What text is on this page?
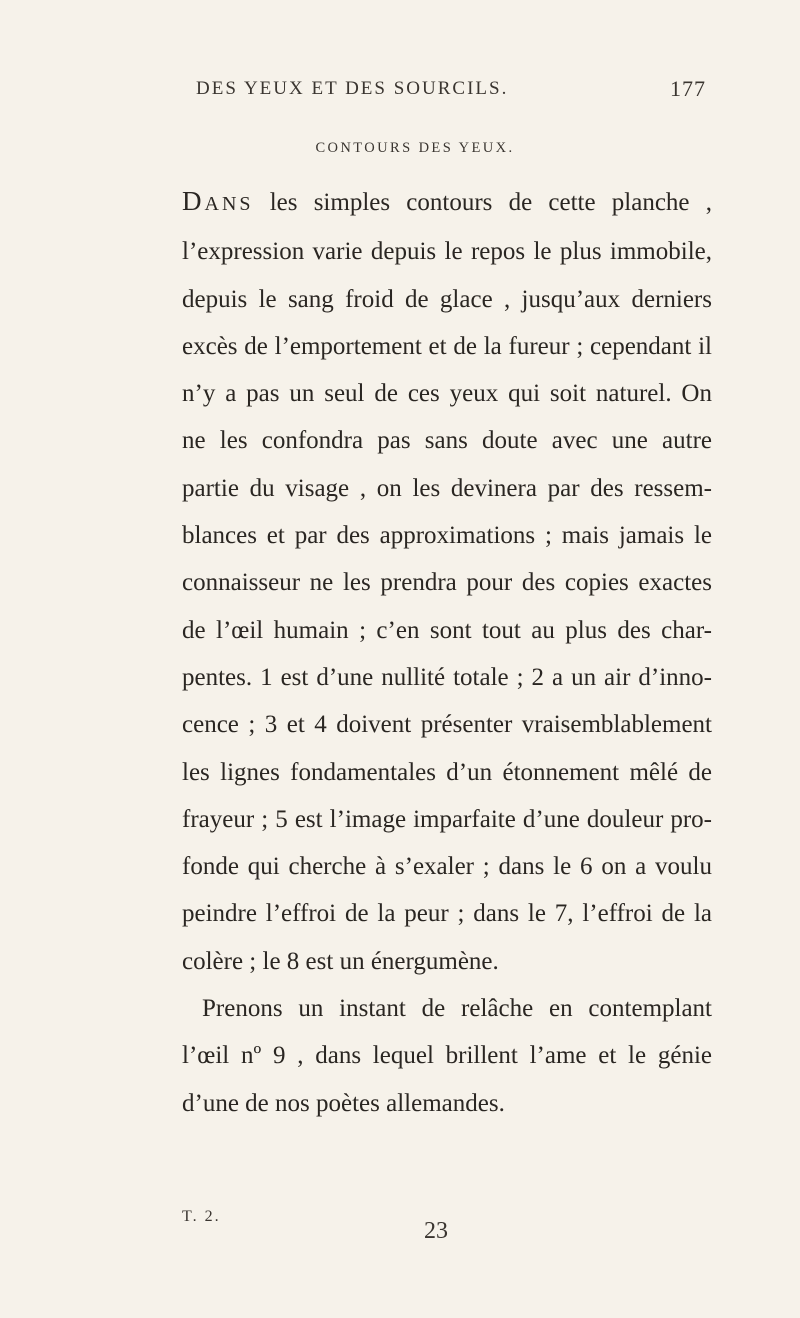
DES YEUX ET DES SOURCILS.	177
CONTOURS DES YEUX.
DANS les simples contours de cette planche ,
l’expression varie depuis le repos le plus immobile,
depuis le sang froid de glace , jusqu’aux derniers
excès de l’emportement et de la fureur ; cependant il
n’y a pas un seul de ces yeux qui soit naturel. On
ne les confondra pas sans doute avec une autre
partie du visage , on les devinera par des ressem-
blances et par des approximations ; mais jamais le
connaisseur ne les prendra pour des copies exactes
de l’œil humain ; c’en sont tout au plus des char-
pentes. 1 est d’une nullité totale ; 2 a un air d’inno-
cence ; 3 et 4 doivent présenter vraisemblablement
les lignes fondamentales d’un étonnement mêlé de
frayeur ; 5 est l’image imparfaite d’une douleur pro-
fonde qui cherche à s’exaler ; dans le 6 on a voulu
peindre l’effroi de la peur ; dans le 7, l’effroi de la
colère ; le 8 est un énergumène.
Prenons un instant de relâche en contemplant
l’œil nº 9 , dans lequel brillent l’ame et le génie
d’une de nos poètes allemandes.
T. 2.
23
